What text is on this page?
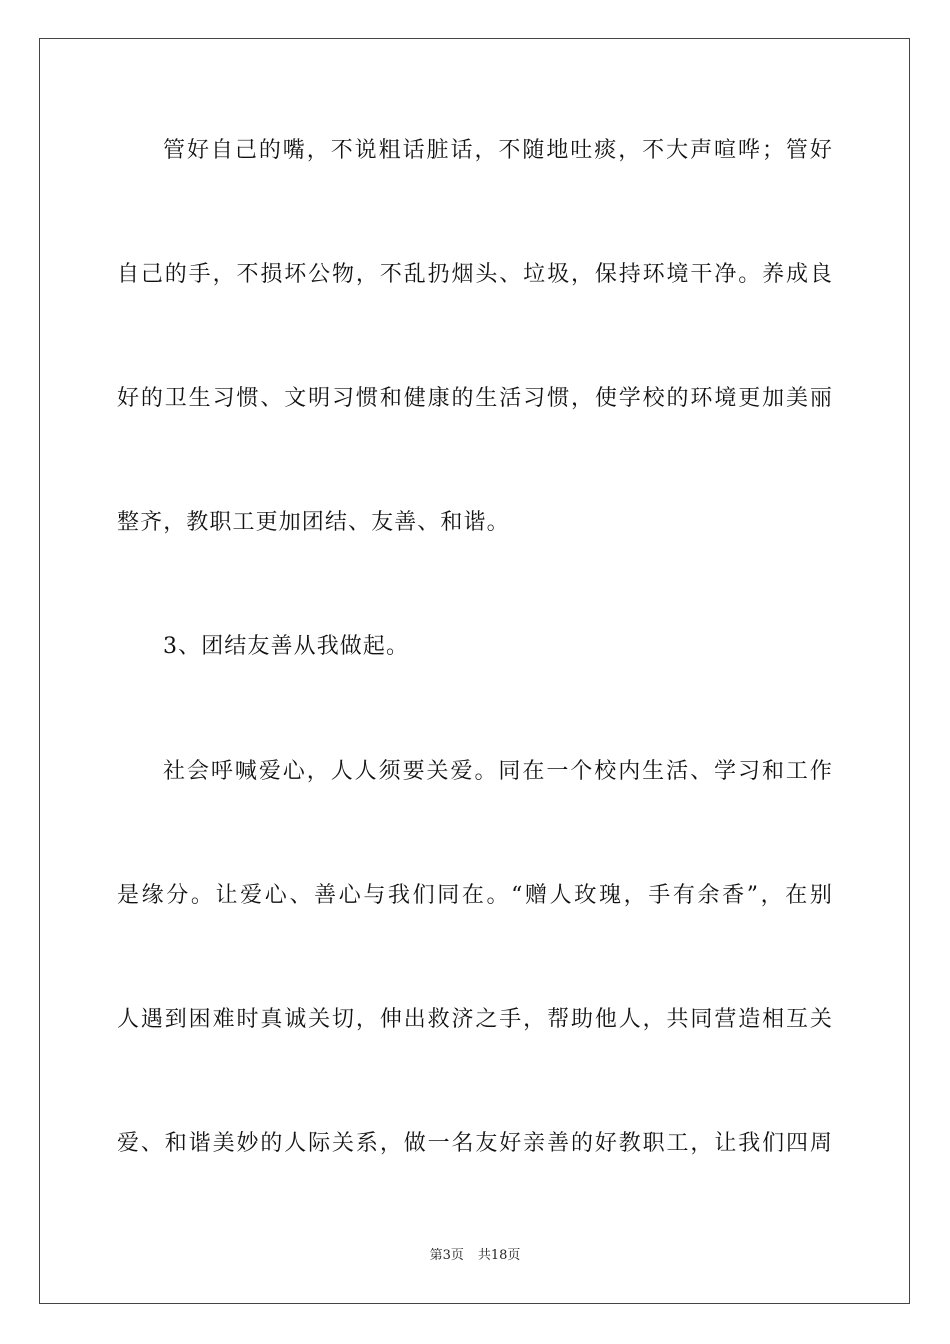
管好自己的嘴，不说粗话脏话，不随地吐痰，不大声喧哗；管好
自己的手，不损坏公物，不乱扔烟头、垃圾，保持环境干净。养成良
好的卫生习惯、文明习惯和健康的生活习惯，使学校的环境更加美丽
整齐，教职工更加团结、友善、和谐。
3、团结友善从我做起。
社会呼喊爱心，人人须要关爱。同在一个校内生活、学习和工作
是缘分。让爱心、善心与我们同在。“赠人玫瑰，手有余香”，在别
人遇到困难时真诚关切，伸出救济之手，帮助他人，共同营造相互关
爱、和谐美妙的人际关系，做一名友好亲善的好教职工，让我们四周
第3页 共18页
